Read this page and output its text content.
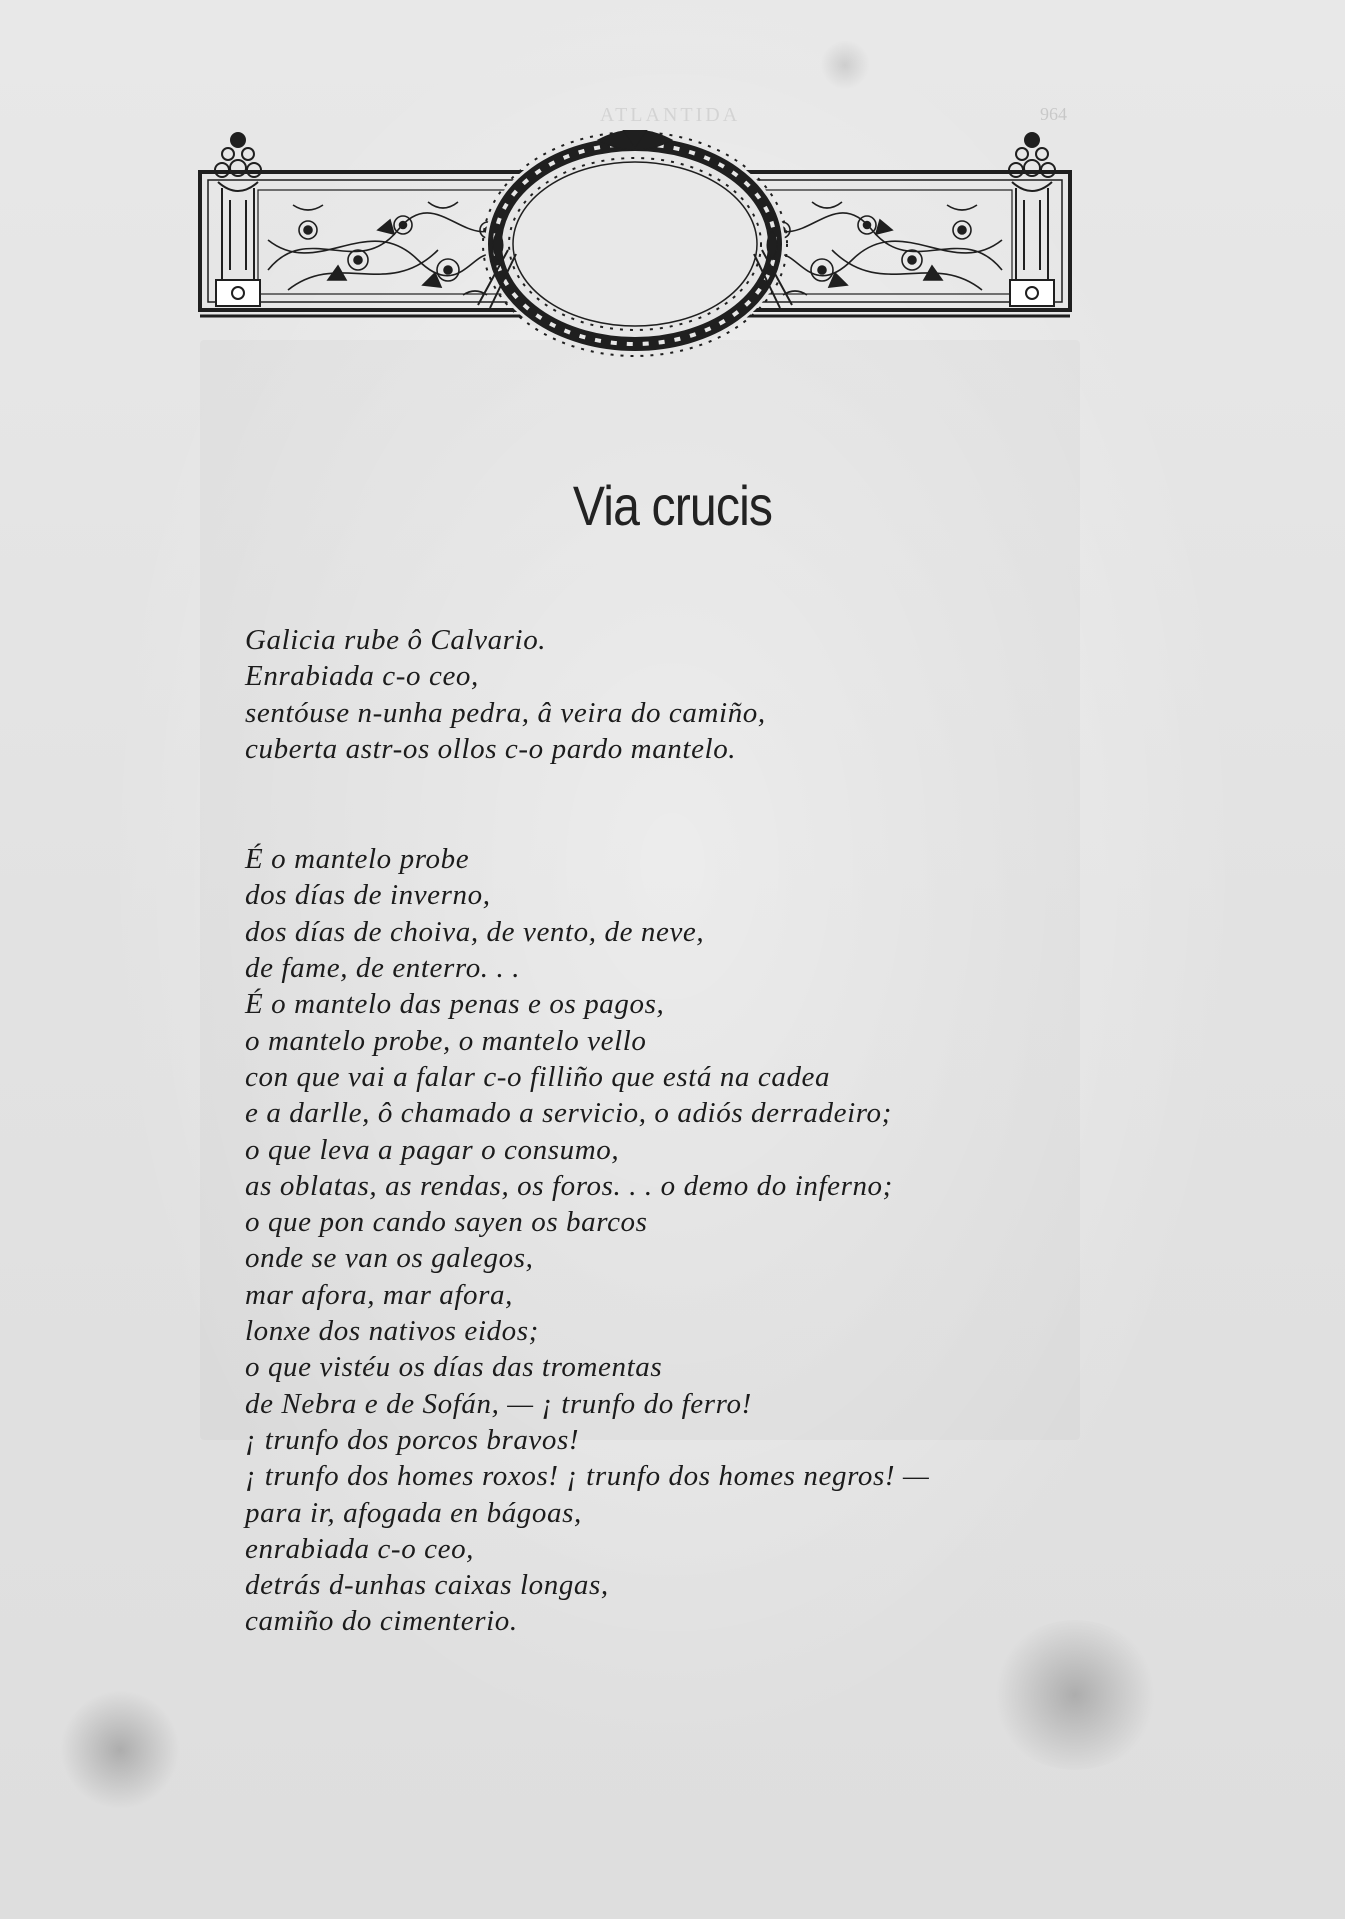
ATLANTIDA	964
Via crucis
Galicia rube ô Calvario.
Enrabiada c-o ceo,
sentóuse n-unha pedra, â veira do camiño,
cuberta astr-os ollos c-o pardo mantelo.
É o mantelo probe
dos días de inverno,
dos días de choiva, de vento, de neve,
de fame, de enterro. . .
É o mantelo das penas e os pagos,
o mantelo probe, o mantelo vello
con que vai a falar c-o filliño que está na cadea
e a darlle, ô chamado a servicio, o adiós derradeiro;
o que leva a pagar o consumo,
as oblatas, as rendas, os foros. . . o demo do inferno;
o que pon cando sayen os barcos
onde se van os galegos,
mar afora, mar afora,
lonxe dos nativos eidos;
o que vistéu os días das tromentas
de Nebra e de Sofán, — ¡ trunfo do ferro!
¡ trunfo dos porcos bravos!
¡ trunfo dos homes roxos! ¡ trunfo dos homes negros! —
para ir, afogada en bágoas,
enrabiada c-o ceo,
detrás d-unhas caixas longas,
camiño do cimenterio.
